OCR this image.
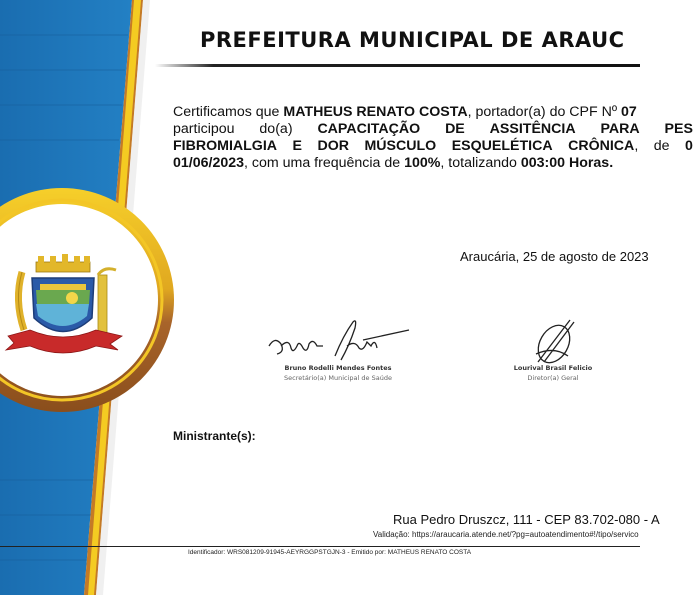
PREFEITURA MUNICIPAL DE ARAUC
Certificamos que MATHEUS RENATO COSTA, portador(a) do CPF Nº 07
participou do(a) CAPACITAÇÃO DE ASSITÊNCIA PARA PES
FIBROMIALGIA E DOR MÚSCULO ESQUELÉTICA CRÔNICA, de 0
01/06/2023, com uma frequência de 100%, totalizando 003:00 Horas.
Araucária, 25 de agosto de 2023
Bruno Rodelli Mendes Fontes
Secretário(a) Municipal de Saúde
Lourival Brasil Felicio
Diretor(a) Geral
Ministrante(s):
Rua Pedro Druszcz, 111 - CEP 83.702-080 - A
Validação: https://araucaria.atende.net/?pg=autoatendimento#!/tipo/servico
Identificador: WRS081209-91945-AEYRGGPSTGJN-3 - Emitido por: MATHEUS RENATO COSTA
